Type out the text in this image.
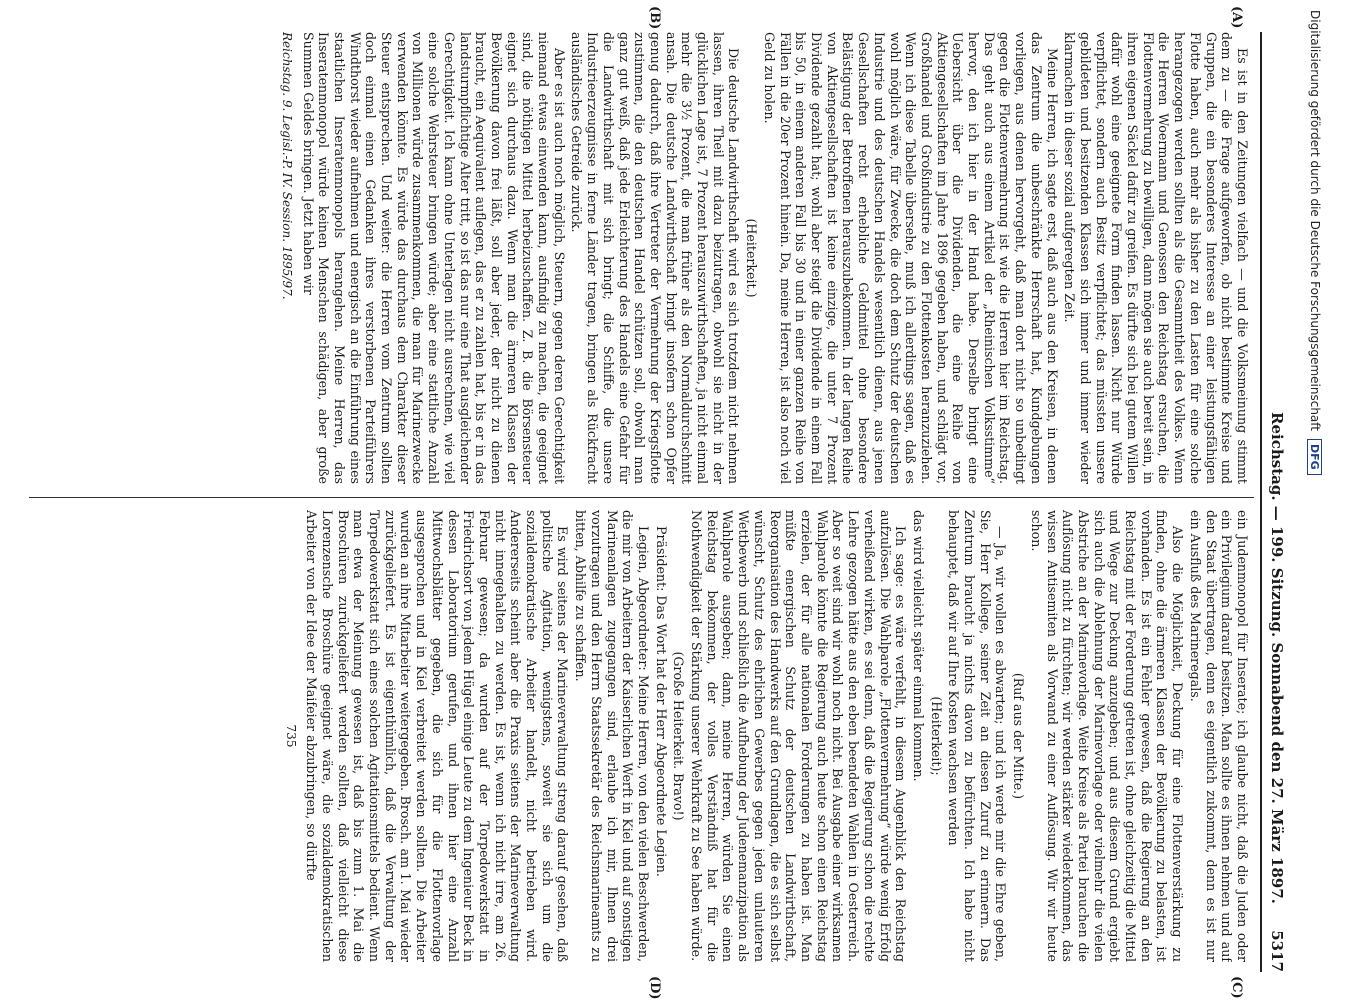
Reichstag. — 199. Sitzung. Sonnabend den 27. März 1897.
5317
(A)
(B)
(C)
(D)

Es ist in den Zeitungen vielfach — und die Volksmeinung stimmt dem zu — die Frage aufgeworfen, ob nicht bestimmte Kreise und Gruppen, die ein besonderes Interesse an einer leistungsfähigen Flotte haben, auch mehr als bisher zu den Lasten für eine solche herangezogen werden sollten als die Gesammtheit des Volkes. Wenn die Herren Woermann und Genossen den Reichstag ersuchen, die Flottenvermehrung zu bewilligen, dann mögen sie auch bereit sein, in ihren eigenen Säckel dafür zu greifen. Es dürfte sich bei gutem Willen dafür wohl eine geeignete Form finden lassen. Nicht nur Würde verpflichtet, sondern auch Besitz verpflichtet; das müssten unsere gebildeten und besitzenden Klassen sich immer und immer wieder klarmachen in dieser sozial aufgeregten Zeit.

Meine Herren, ich sagte erst, daß auch aus den Kreisen, in denen das Zentrum die unbeschränkte Herrschaft hat, Kundgebungen vorliegen, aus denen hervorgeht, daß man dort nicht so unbedingt gegen die Flottenvermehrung ist wie die Herren hier im Reichstag. Das geht auch aus einem Artikel der „Rheinischen Volksstimme“ hervor, den ich hier in der Hand habe. Derselbe bringt eine Uebersicht über die Dividenden, die eine Reihe von Aktiengesellschaften im Jahre 1896 gegeben haben, und schlägt vor, Großhandel und Großindustrie zu den Flottenkosten heranzuziehen. Wenn ich diese Tabelle übersehe, muß ich allerdings sagen, daß es wohl möglich wäre, für Zwecke, die doch dem Schutz der deutschen Industrie und des deutschen Handels wesentlich dienen, aus jenen Gesellschaften recht erhebliche Geldmittel ohne besondere Belästigung der Betroffenen herauszubekommen. In der langen Reihe von Aktiengesellschaften ist keine einzige, die unter 7 Prozent Dividende gezahlt hat; wohl aber steigt die Dividende in einem Fall bis 50, in einem anderen Fall bis 30 und in einer ganzen Reihe von Fällen in die 20er Prozent hinein. Da, meine Herren, ist also noch viel Geld zu holen.

(Heiterkeit.)

Die deutsche Landwirthschaft wird es sich trotzdem nicht nehmen lassen, ihren Theil mit dazu beizutragen, obwohl sie nicht in der glücklichen Lage ist, 7 Prozent herauszuwirthschaften, ja nicht einmal mehr die 3½ Prozent, die man früher als den Normaldurchschnitt ansah. Die deutsche Landwirthschaft bringt insofern schon Opfer genug dadurch, daß ihre Vertreter der Vermehrung der Kriegsflotte zustimmen, die den deutschen Handel schützen soll, obwohl man ganz gut weiß, daß jede Erleichterung des Handels eine Gefahr für die Landwirthschaft mit sich bringt; die Schiffe, die unsere Industrieerzeugnisse in ferne Länder tragen, bringen als Rückfracht ausländisches Getreide zurück.

Aber es ist auch noch möglich, Steuern, gegen deren Gerechtigkeit niemand etwas einwenden kann, ausfindig zu machen, die geeignet sind, die nöthigen Mittel herbeizuschaffen. Z. B. die Börsensteuer eignet sich durchaus dazu. Wenn man die ärmeren Klassen der Bevölkerung davon frei läßt, soll aber jeder, der nicht zu dienen braucht, ein Aequivalent auflegen, das er zu zahlen hat, bis er in das landsturmpflichtige Alter tritt, so ist das nur eine That ausgleichender Gerechtigkeit. Ich kann ohne Unterlagen nicht ausrechnen, wie viel eine solche Wehrsteuer bringen würde; aber eine stattliche Anzahl von Millionen würde zusammenkommen, die man für Marinezwecke verwenden könnte. Es würde das durchaus dem Charakter dieser Steuer entsprechen. Und weiter: die Herren vom Zentrum sollten doch einmal einen Gedanken ihres verstorbenen Parteiführers Windthorst wieder aufnehmen und energisch an die Einführung eines staatlichen Inseratenmonopols herangehen. Meine Herren, das Inseratenmonopol würde keinen Menschen schädigen, aber große Summen Geldes bringen. Jetzt haben wir

Reichstag. 9. Legisl.-P. IV. Session. 1895/97.

ein Judenmonopol für Inserate; ich glaube nicht, daß die Juden oder ein Privilegium darauf besitzen. Man sollte es ihnen nehmen und auf den Staat übertragen, denn es eigentlich zukommt, denn es ist nur ein Ausfluß des Marineregals.

Also die Möglichkeit, Deckung für eine Flottenverstärkung zu finden, ohne die ärmeren Klassen der Bevölkerung zu belasten, ist vorhanden. Es ist ein Fehler gewesen, daß die Regierung an den Reichstag mit der Forderung getreten ist, ohne gleichzeitig die Mittel und Wege zur Deckung anzugeben; und aus diesem Grund ergiebt sich auch die Ablehnung der Marinevorlage oder vielmehr die vielen Abstriche an der Marinevorlage. Weite Kreise als Partei brauchen die Auflösung nicht zu fürchten; wir werden stärker wiederkommen, das wissen Antisemiten als Vorwand zu einer Auflösung. Wir wir heute schon.

(Ruf aus der Mitte.)

— Ja, wir wollen es abwarten; und ich werde mir die Ehre geben, Sie, Herr Kollege, seiner Zeit an diesen Zuruf zu erinnern. Das Zentrum braucht ja nichts davon zu befürchten. Ich habe nicht behauptet, daß wir auf Ihre Kosten wachsen werden

(Heiterkeit);

das wird vielleicht später einmal kommen.

Ich sage: es wäre verfehlt, in diesem Augenblick den Reichstag aufzulösen. Die Wahlparole „Flottenvermehrung“ würde wenig Erfolg verheißend wirken, es sei denn, daß die Regierung schon die rechte Lehre gezogen hätte aus den eben beendeten Wahlen in Oesterreich. Aber so weit sind wir wohl noch nicht. Bei Ausgabe einer wirksamen Wahlparole könnte die Regierung auch heute schon einen Reichstag erzielen, der für alle nationalen Forderungen zu haben ist. Man müßte energischen Schutz der deutschen Landwirthschaft, Reorganisation des Handwerks auf den Grundlagen, die es sich selbst wünscht, Schutz des ehrlichen Gewerbes gegen jeden unlauteren Wettbewerb und schließlich die Aufhebung der Judenemanzipation als Wahlparole ausgeben; dann, meine Herren, würden Sie einen Reichstag bekommen, der volles Verständniß hat für die Nothwendigkeit der Stärkung unserer Wehrkraft zu See haben würde.

(Große Heiterkeit. Bravo!)

Präsident: Das Wort hat der Herr Abgeordnete Legien.

Legien, Abgeordneter: Meine Herren, von den vielen Beschwerden, die mir von Arbeitern der Kaiserlichen Werft in Kiel und auf sonstigen Marineanlagen zugegangen sind, erlaube ich mir, Ihnen drei vorzutragen und den Herrn Staatssekretär des Reichsmarineamts zu bitten, Abhilfe zu schaffen.

Es wird seitens der Marineverwaltung streng darauf gesehen, daß politische Agitation, wenigstens, soweit sie sich um die sozialdemokratische Arbeiter handelt, nicht betrieben wird. Andererseits scheint aber die Praxis seitens der Marineverwaltung nicht innegehalten zu werden. Es ist, wenn ich nicht irre, am 26. Februar gewesen; da wurden auf der Torpedowerkstatt in Friedrichsort von jedem Hügel einige Leute zu dem Ingenieur Beck in dessen Laboratorium gerufen, und ihnen hier eine Anzahl Mittwochsblätter gegeben, die sich für die Flottenvorlage ausgesprochen und in Kiel verbreitet werden sollten. Die Arbeiter wurden an ihre Mitarbeiter weitergegeben. Brosch. am 1. Mai wieder zurückgeliefert. Es ist eigenthümlich, daß die Verwaltung der Torpedowerkstatt sich eines solchen Agitationsmittels bedient. Wenn man etwa der Meinung gewesen ist, daß bis zum 1. Mai die Broschüren zurückgeliefert werden sollten, daß vielleicht diese Lorenzensche Broschüre geeignet wäre, die sozialdemokratischen Arbeiter von der Idee der Maifeier abzubringen, so dürfte

735

Digitalisierung gefördert durch die Deutsche ForschungsgemeinschaftDFG
